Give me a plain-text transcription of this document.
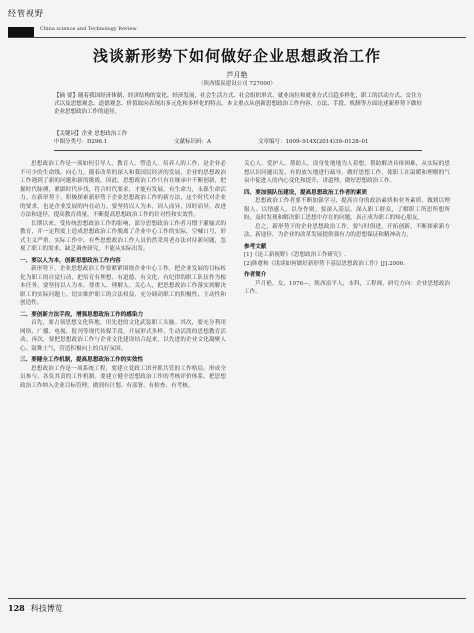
经管视野
China science and Technology Review
浅谈新形势下如何做好企业思想政治工作
芦月艳
（陕西煤炭建设公司 727000）
【摘 要】随着我国经济体制、经济结构的变化、经济发展，社会生活方式、社会组织形式、就业岗位和就业方式日趋多样化，职工的活动方式、交往方式以及思想观念、道德观念、价值取向表现出多元化和多样化的特点。本文重点从创新思想政治工作内容、方法、手段、机制等方面论述新形势下做好企业思想政治工作的途径。
【关键词】企业 思想政治工作
中图分类号：D296.1	文献标识码：A	文章编号：1009–914X(2014)39–0128–01

思想政治工作是一项如何引导人、教育人、塑造人、培养人的工作，是企业必不可少的生命线。向心力，随着改革的深入和我国民经济的发展，企业的思想政治工作遇到了新的问题和新的挑战。因此，思想政治工作只有在继承中不断创新，把握时代脉搏，紧跟时代步伐，符合时代要求，才能有发展，有生命力，永葆生命活力。在新形势下，积极探索新形势下企业思想政治工作的新方法，这个时代对企业的要求，也是企业发展的内在动力。要坚持以人为本，因人而异，因时而异，改进方法和途径，提高教育质量，不断提高思想政治工作的针对性和实效性。

长期以来，受传统思想政治工作的影响，部分思想政治工作者习惯于灌输式的教育，并一定程度上造成思想政治工作脱离了企业中心工作的实际，空喊口号，形式主义严重。实际工作中，有些思想政治工作人员仍然采用老办法对待新问题，忽视了职工的需求，缺乏调查研究，不能从实际出发。

一、要以人为本，创新思想政治工作内容

新形势下，企业思想政治工作要紧紧围绕企业中心工作，把企业发展的目标转化为职工的自觉行动，把培育有理想、有道德、有文化、有纪律的职工队伍作为根本任务。要坚持以人为本，尊重人、理解人、关心人，把思想政治工作落实到解决职工的实际问题上，切实维护职工的合法权益，充分调动职工的积极性、主动性和创造性。

二、要创新方法手段，增强思想政治工作的感染力

首先，要占领思想文化阵地，用先进的文化武装职工头脑。其次，要充分利用网络、广播、电视、报刊等现代传媒手段，开展形式多样、生动活泼的思想教育活动。再次，要把思想政治工作与企业文化建设结合起来，以先进的企业文化凝聚人心、鼓舞士气，营造积极向上的良好氛围。

三、要健全工作机制，提高思想政治工作的实效性

思想政治工作是一项系统工程，要建立党政工团齐抓共管的工作格局，形成全员参与、各负其责的工作机制。要建立健全思想政治工作的考核评价体系，把思想政治工作纳入企业目标管理，做到有计划、有部署、有检查、有考核。

关心人、爱护人、帮助人，设身处地地为人着想，帮助解决具体困难，从实际的思想认识问题出发，有的放矢地进行疏导，做好思想工作，使职工在温暖和理解的气氛中促进人的内心变化和提升，讲道理，做好思想政治工作。

四、要加强队伍建设，提高思想政治工作者的素质

思想政治工作者要不断加强学习，提高自身的政治素质和业务素质，做到以理服人、以情感人、以身作则。要深入基层、深入职工群众，了解职工所思所想所盼，及时发现和解决职工思想中存在的问题，真正成为职工的知心朋友。

总之，新形势下的企业思想政治工作，要与时俱进，开拓创新，不断探索新方法、新途径，为企业的改革发展提供强有力的思想保证和精神动力。

参考文献

[1]《论工新视野》《思想政治工作研究》.

[2]韩愈和《浅谈如何做好新形势下基层思想政治工作》[J].2006.

作者简介

芦月艳，女，1976—，陕西富平人，本科，工程师，研究方向：企业思想政治工作。

128 科技博览
